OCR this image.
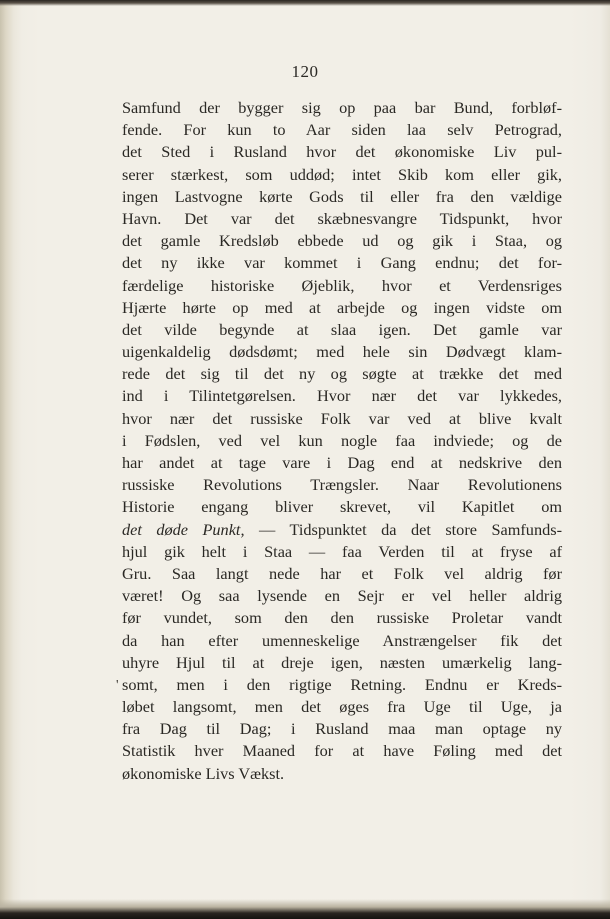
120
'
Samfund der bygger sig op paa bar Bund, forbløf-
fende. For kun to Aar siden laa selv Petrograd,
det Sted i Rusland hvor det økonomiske Liv pul-
serer stærkest, som uddød; intet Skib kom eller gik,
ingen Lastvogne kørte Gods til eller fra den vældige
Havn. Det var det skæbnesvangre Tidspunkt, hvor
det gamle Kredsløb ebbede ud og gik i Staa, og
det ny ikke var kommet i Gang endnu; det for-
færdelige historiske Øjeblik, hvor et Verdensriges
Hjærte hørte op med at arbejde og ingen vidste om
det vilde begynde at slaa igen. Det gamle var
uigenkaldelig dødsdømt; med hele sin Dødvægt klam-
rede det sig til det ny og søgte at trække det med
ind i Tilintetgørelsen. Hvor nær det var lykkedes,
hvor nær det russiske Folk var ved at blive kvalt
i Fødslen, ved vel kun nogle faa indviede; og de
har andet at tage vare i Dag end at nedskrive den
russiske Revolutions Trængsler. Naar Revolutionens
Historie engang bliver skrevet, vil Kapitlet om
det døde Punkt, — Tidspunktet da det store Samfunds-
hjul gik helt i Staa — faa Verden til at fryse af
Gru. Saa langt nede har et Folk vel aldrig før
været! Og saa lysende en Sejr er vel heller aldrig
før vundet, som den den russiske Proletar vandt
da han efter umenneskelige Anstrængelser fik det
uhyre Hjul til at dreje igen, næsten umærkelig lang-
somt, men i den rigtige Retning. Endnu er Kreds-
løbet langsomt, men det øges fra Uge til Uge, ja
fra Dag til Dag; i Rusland maa man optage ny
Statistik hver Maaned for at have Føling med det
økonomiske Livs Vækst.
